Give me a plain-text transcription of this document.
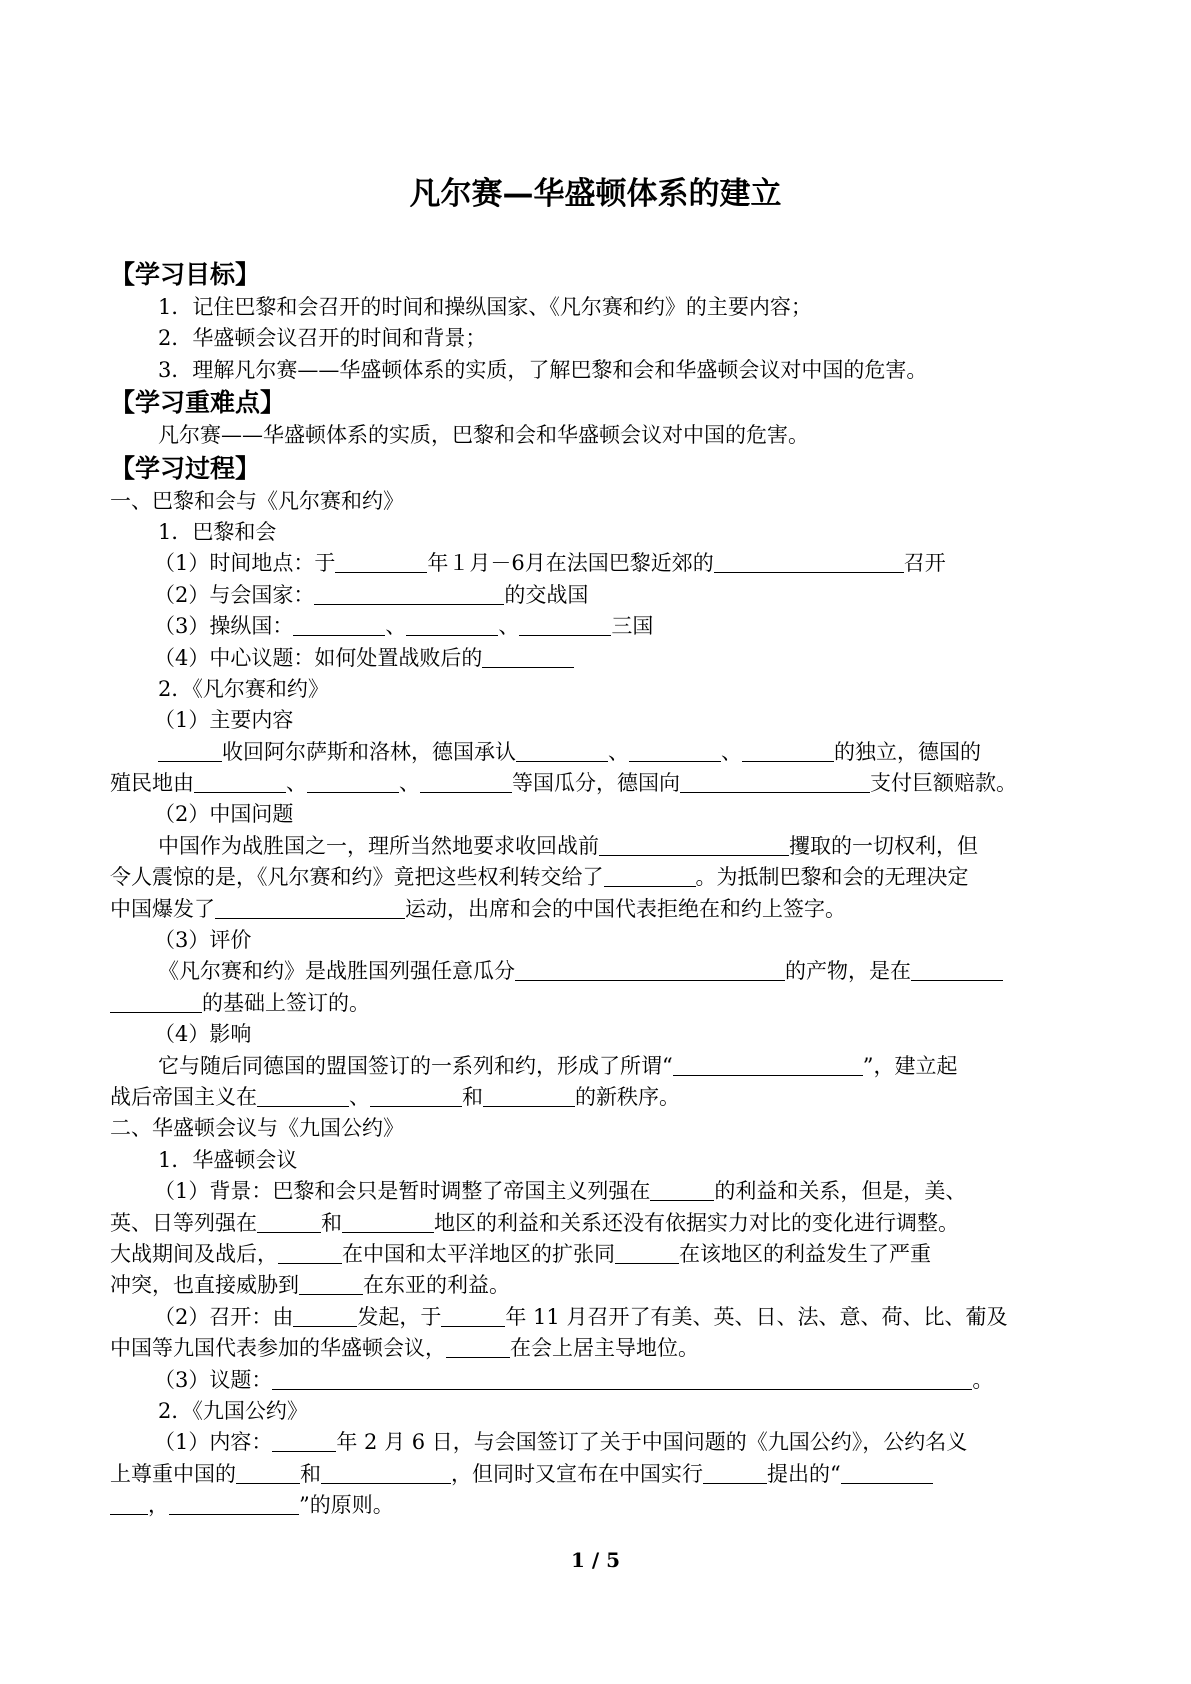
凡尔赛—华盛顿体系的建立
【学习目标】
1．记住巴黎和会召开的时间和操纵国家、《凡尔赛和约》的主要内容；
2．华盛顿会议召开的时间和背景；
3．理解凡尔赛——华盛顿体系的实质，了解巴黎和会和华盛顿会议对中国的危害。
【学习重难点】
凡尔赛——华盛顿体系的实质，巴黎和会和华盛顿会议对中国的危害。
【学习过程】
一、巴黎和会与《凡尔赛和约》
1．巴黎和会
（1）时间地点：于	年１月－6月在法国巴黎近郊的	召开
（2）与会国家：	的交战国
（3）操纵国：	、	、	三国
（4）中心议题：如何处置战败后的
2．《凡尔赛和约》
（1）主要内容
收回阿尔萨斯和洛林，德国承认	、	、	的独立，德国的
殖民地由	、	、	等国瓜分，德国向	支付巨额赔款。
（2）中国问题
中国作为战胜国之一，理所当然地要求收回战前	攫取的一切权利，但
令人震惊的是，《凡尔赛和约》竟把这些权利转交给了	。为抵制巴黎和会的无理决定
中国爆发了	运动，出席和会的中国代表拒绝在和约上签字。
（3）评价
《凡尔赛和约》是战胜国列强任意瓜分	的产物，是在
的基础上签订的。
（4）影响
它与随后同德国的盟国签订的一系列和约，形成了所谓“	”，建立起
战后帝国主义在	、	和	的新秩序。
二、华盛顿会议与《九国公约》
1．华盛顿会议
（1）背景：巴黎和会只是暂时调整了帝国主义列强在	的利益和关系，但是，美、
英、日等列强在	和	地区的利益和关系还没有依据实力对比的变化进行调整。
大战期间及战后，	在中国和太平洋地区的扩张同	在该地区的利益发生了严重
冲突，也直接威胁到	在东亚的利益。
（2）召开：由	发起，于	年 11 月召开了有美、英、日、法、意、荷、比、葡及
中国等九国代表参加的华盛顿会议，	在会上居主导地位。
（3）议题：	。
2．《九国公约》
（1）内容：	年 2 月 6 日，与会国签订了关于中国问题的《九国公约》，公约名义
上尊重中国的	和	，但同时又宣布在中国实行	提出的“
，	”的原则。
1 / 5
